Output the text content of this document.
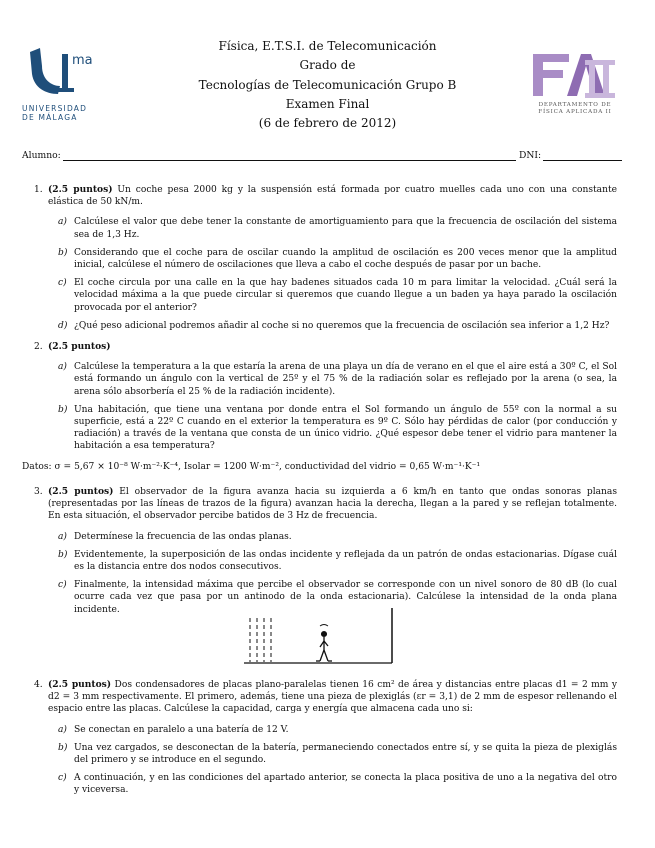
ma
UNIVERSIDAD
DE MÁLAGA
DEPARTAMENTO DE
FÍSICA APLICADA II
Física, E.T.S.I. de Telecomunicación
Grado de
Tecnologías de Telecomunicación Grupo B
Examen Final
(6 de febrero de 2012)
Alumno:	DNI:
1. (2.5 puntos) Un coche pesa 2000 kg y la suspensión está formada por cuatro muelles cada uno con una constante elástica de 50 kN/m.
a) Calcúlese el valor que debe tener la constante de amortiguamiento para que la frecuencia de oscilación del sistema sea de 1,3 Hz.
b) Considerando que el coche para de oscilar cuando la amplitud de oscilación es 200 veces menor que la amplitud inicial, calcúlese el número de oscilaciones que lleva a cabo el coche después de pasar por un bache.
c) El coche circula por una calle en la que hay badenes situados cada 10 m para limitar la velocidad. ¿Cuál será la velocidad máxima a la que puede circular si queremos que cuando llegue a un baden ya haya parado la oscilación provocada por el anterior?
d) ¿Qué peso adicional podremos añadir al coche si no queremos que la frecuencia de oscilación sea inferior a 1,2 Hz?
2. (2.5 puntos)
a) Calcúlese la temperatura a la que estaría la arena de una playa un día de verano en el que el aire está a 30º C, el Sol está formando un ángulo con la vertical de 25º y el 75 % de la radiación solar es reflejado por la arena (o sea, la arena sólo absorbería el 25 % de la radiación incidente).
b) Una habitación, que tiene una ventana por donde entra el Sol formando un ángulo de 55º con la normal a su superficie, está a 22º C cuando en el exterior la temperatura es 9º C. Sólo hay pérdidas de calor (por conducción y radiación) a través de la ventana que consta de un único vidrio. ¿Qué espesor debe tener el vidrio para mantener la habitación a esa temperatura?
Datos: σ = 5,67 × 10⁻⁸ W·m⁻²·K⁻⁴, Isolar = 1200 W·m⁻², conductividad del vidrio = 0,65 W·m⁻¹·K⁻¹
3. (2.5 puntos) El observador de la figura avanza hacia su izquierda a 6 km/h en tanto que ondas sonoras planas (representadas por las líneas de trazos de la figura) avanzan hacia la derecha, llegan a la pared y se reflejan totalmente. En esta situación, el observador percibe batidos de 3 Hz de frecuencia.
a) Determínese la frecuencia de las ondas planas.
b) Evidentemente, la superposición de las ondas incidente y reflejada da un patrón de ondas estacionarias. Dígase cuál es la distancia entre dos nodos consecutivos.
c) Finalmente, la intensidad máxima que percibe el observador se corresponde con un nivel sonoro de 80 dB (lo cual ocurre cada vez que pasa por un antinodo de la onda estacionaria). Calcúlese la intensidad de la onda plana incidente.
4. (2.5 puntos) Dos condensadores de placas plano-paralelas tienen 16 cm² de área y distancias entre placas d1 = 2 mm y d2 = 3 mm respectivamente. El primero, además, tiene una pieza de plexiglás (εr = 3,1) de 2 mm de espesor rellenando el espacio entre las placas. Calcúlese la capacidad, carga y energía que almacena cada uno si:
a) Se conectan en paralelo a una batería de 12 V.
b) Una vez cargados, se desconectan de la batería, permaneciendo conectados entre sí, y se quita la pieza de plexiglás del primero y se introduce en el segundo.
c) A continuación, y en las condiciones del apartado anterior, se conecta la placa positiva de uno a la negativa del otro y viceversa.
